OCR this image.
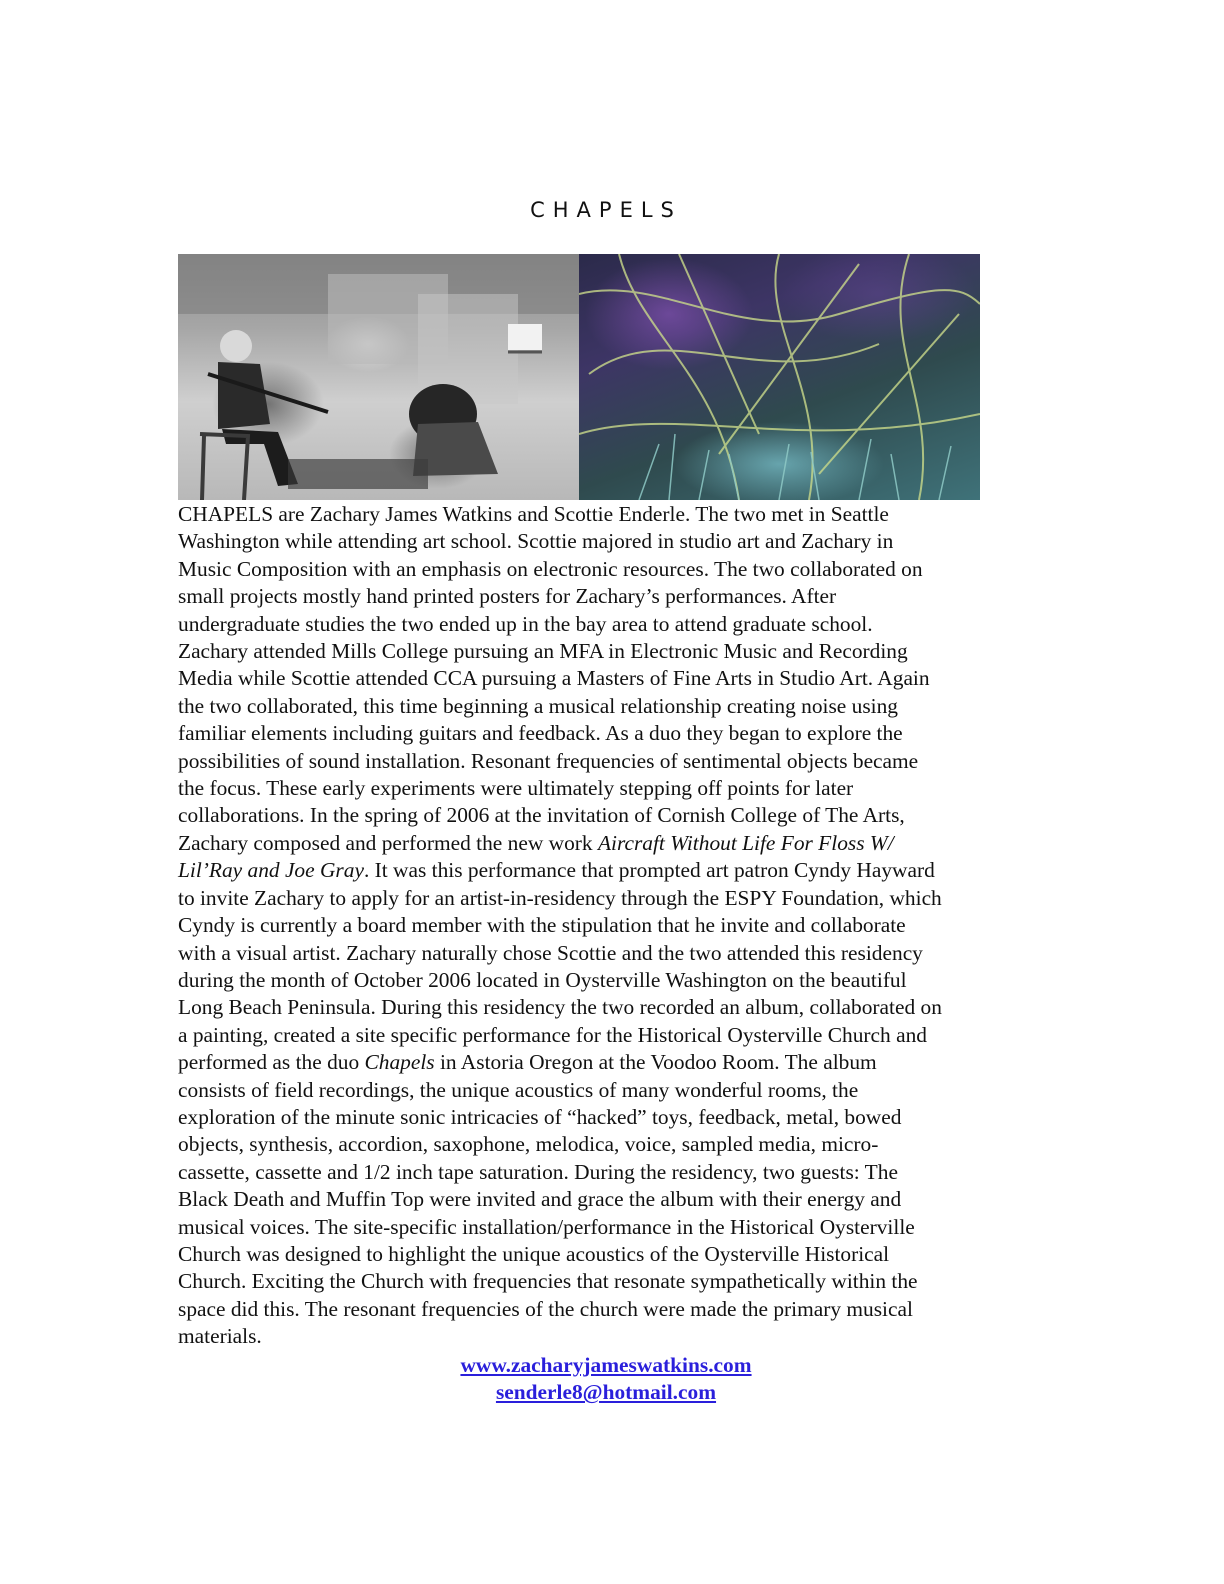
CHAPELS
CHAPELS are Zachary James Watkins and Scottie Enderle. The two met in Seattle
Washington while attending art school. Scottie majored in studio art and Zachary in
Music Composition with an emphasis on electronic resources. The two collaborated on
small projects mostly hand printed posters for Zachary’s performances. After
undergraduate studies the two ended up in the bay area to attend graduate school.
Zachary attended Mills College pursuing an MFA in Electronic Music and Recording
Media while Scottie attended CCA pursuing a Masters of Fine Arts in Studio Art. Again
the two collaborated, this time beginning a musical relationship creating noise using
familiar elements including guitars and feedback. As a duo they began to explore the
possibilities of sound installation. Resonant frequencies of sentimental objects became
the focus. These early experiments were ultimately stepping off points for later
collaborations. In the spring of 2006 at the invitation of Cornish College of The Arts,
Zachary composed and performed the new work Aircraft Without Life For Floss W/
Lil’Ray and Joe Gray. It was this performance that prompted art patron Cyndy Hayward
to invite Zachary to apply for an artist-in-residency through the ESPY Foundation, which
Cyndy is currently a board member with the stipulation that he invite and collaborate
with a visual artist. Zachary naturally chose Scottie and the two attended this residency
during the month of October 2006 located in Oysterville Washington on the beautiful
Long Beach Peninsula. During this residency the two recorded an album, collaborated on
a painting, created a site specific performance for the Historical Oysterville Church and
performed as the duo Chapels in Astoria Oregon at the Voodoo Room. The album
consists of field recordings, the unique acoustics of many wonderful rooms, the
exploration of the minute sonic intricacies of “hacked” toys, feedback, metal, bowed
objects, synthesis, accordion, saxophone, melodica, voice, sampled media, micro-
cassette, cassette and 1/2 inch tape saturation. During the residency, two guests: The
Black Death and Muffin Top were invited and grace the album with their energy and
musical voices. The site-specific installation/performance in the Historical Oysterville
Church was designed to highlight the unique acoustics of the Oysterville Historical
Church. Exciting the Church with frequencies that resonate sympathetically within the
space did this. The resonant frequencies of the church were made the primary musical
materials.
www.zacharyjameswatkins.com
senderle8@hotmail.com
